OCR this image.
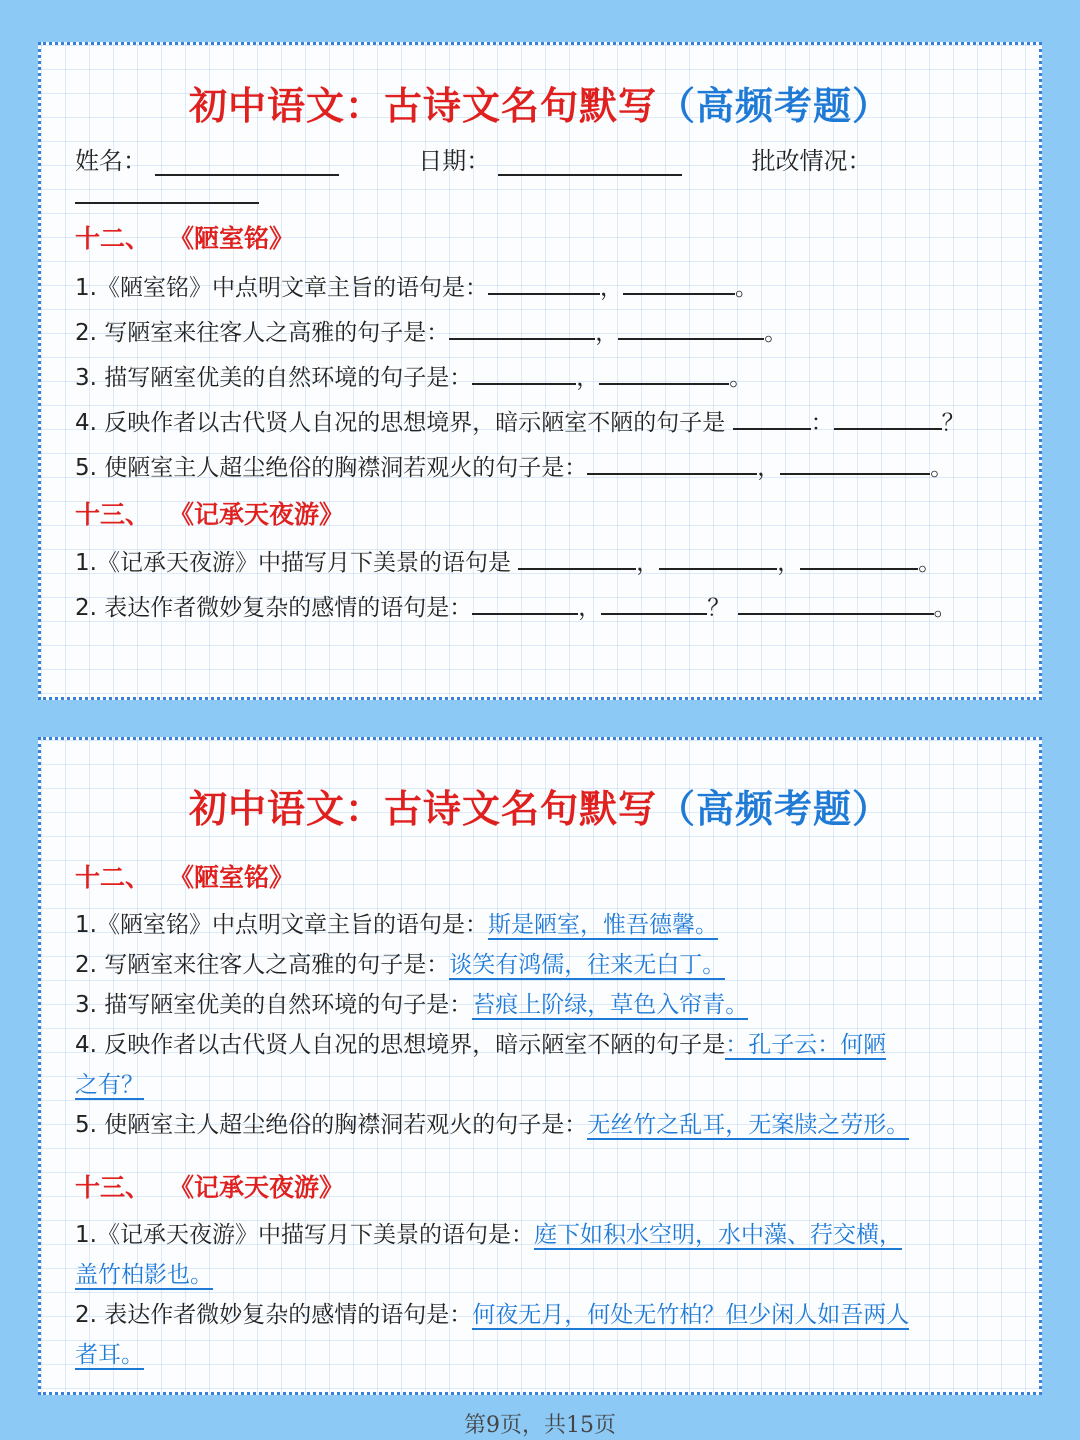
初中语文：古诗文名句默写（高频考题）
姓名：	日期：	批改情况：
十二、 《陋室铭》
1.《陋室铭》中点明文章主旨的语句是：	，	。
2. 写陋室来往客人之高雅的句子是：	，	。
3. 描写陋室优美的自然环境的句子是：	，	。
4. 反映作者以古代贤人自况的思想境界，暗示陋室不陋的句子是	：	？
5. 使陋室主人超尘绝俗的胸襟洞若观火的句子是：	，	。
十三、 《记承天夜游》
1.《记承天夜游》中描写月下美景的语句是	，	，	。
2. 表达作者微妙复杂的感情的语句是：	，	？	。
初中语文：古诗文名句默写（高频考题）
十二、 《陋室铭》
1.《陋室铭》中点明文章主旨的语句是：斯是陋室，惟吾德馨。
2. 写陋室来往客人之高雅的句子是：谈笑有鸿儒，往来无白丁。
3. 描写陋室优美的自然环境的句子是：苔痕上阶绿，草色入帘青。
4. 反映作者以古代贤人自况的思想境界，暗示陋室不陋的句子是：孔子云：何陋
之有？
5. 使陋室主人超尘绝俗的胸襟洞若观火的句子是：无丝竹之乱耳，无案牍之劳形。
十三、 《记承天夜游》
1.《记承天夜游》中描写月下美景的语句是：庭下如积水空明，水中藻、荇交横，
盖竹柏影也。
2. 表达作者微妙复杂的感情的语句是：何夜无月，何处无竹柏？但少闲人如吾两人
者耳。
第9页，共15页
